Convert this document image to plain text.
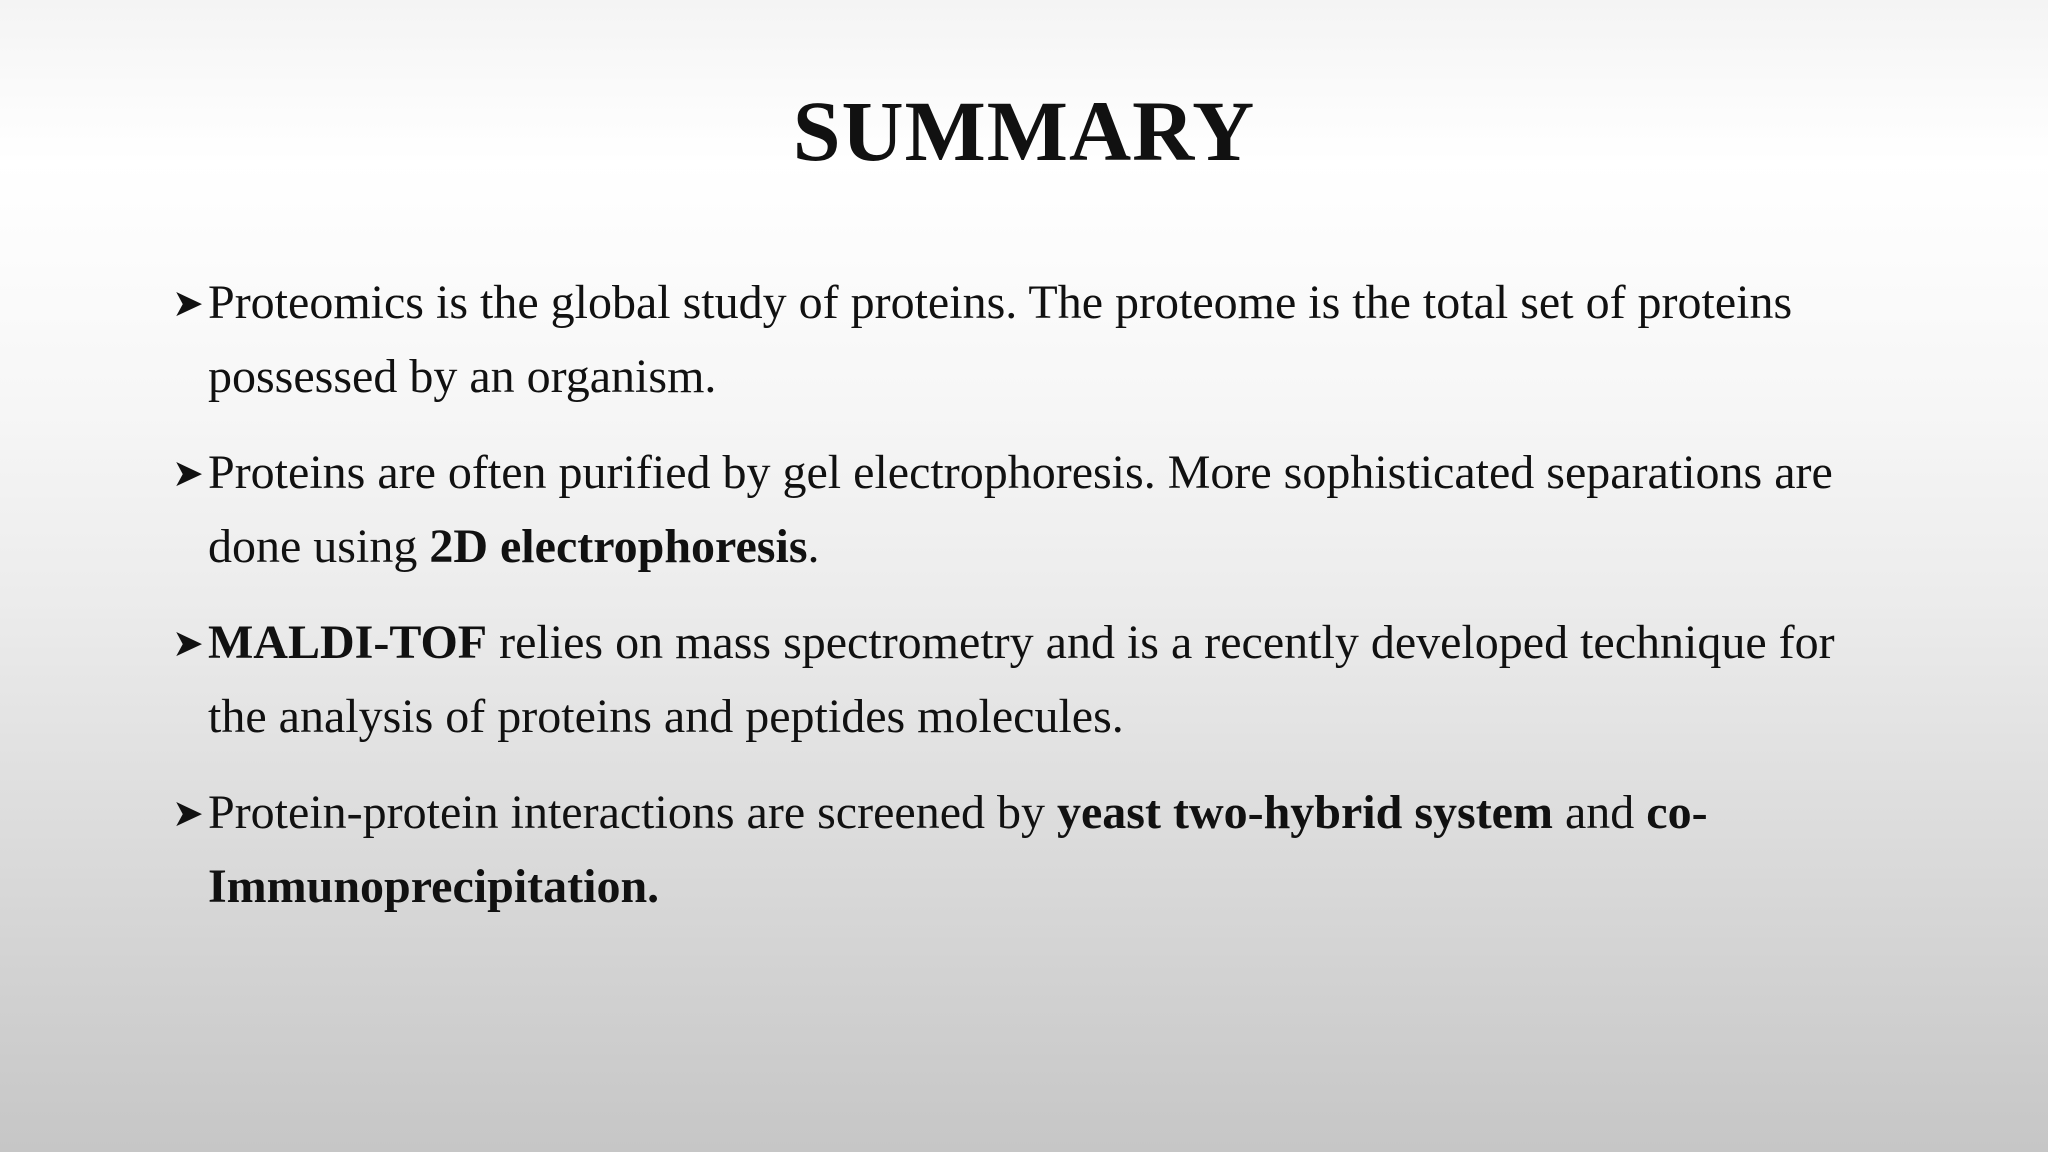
SUMMARY
➤ Proteomics is the global study of proteins. The proteome is the total set of proteins possessed by an organism.
➤ Proteins are often purified by gel electrophoresis. More sophisticated separations are done using 2D electrophoresis.
➤ MALDI-TOF relies on mass spectrometry and is a recently developed technique for the analysis of proteins and peptides molecules.
➤ Protein-protein interactions are screened by yeast two-hybrid system and co-Immunoprecipitation.
